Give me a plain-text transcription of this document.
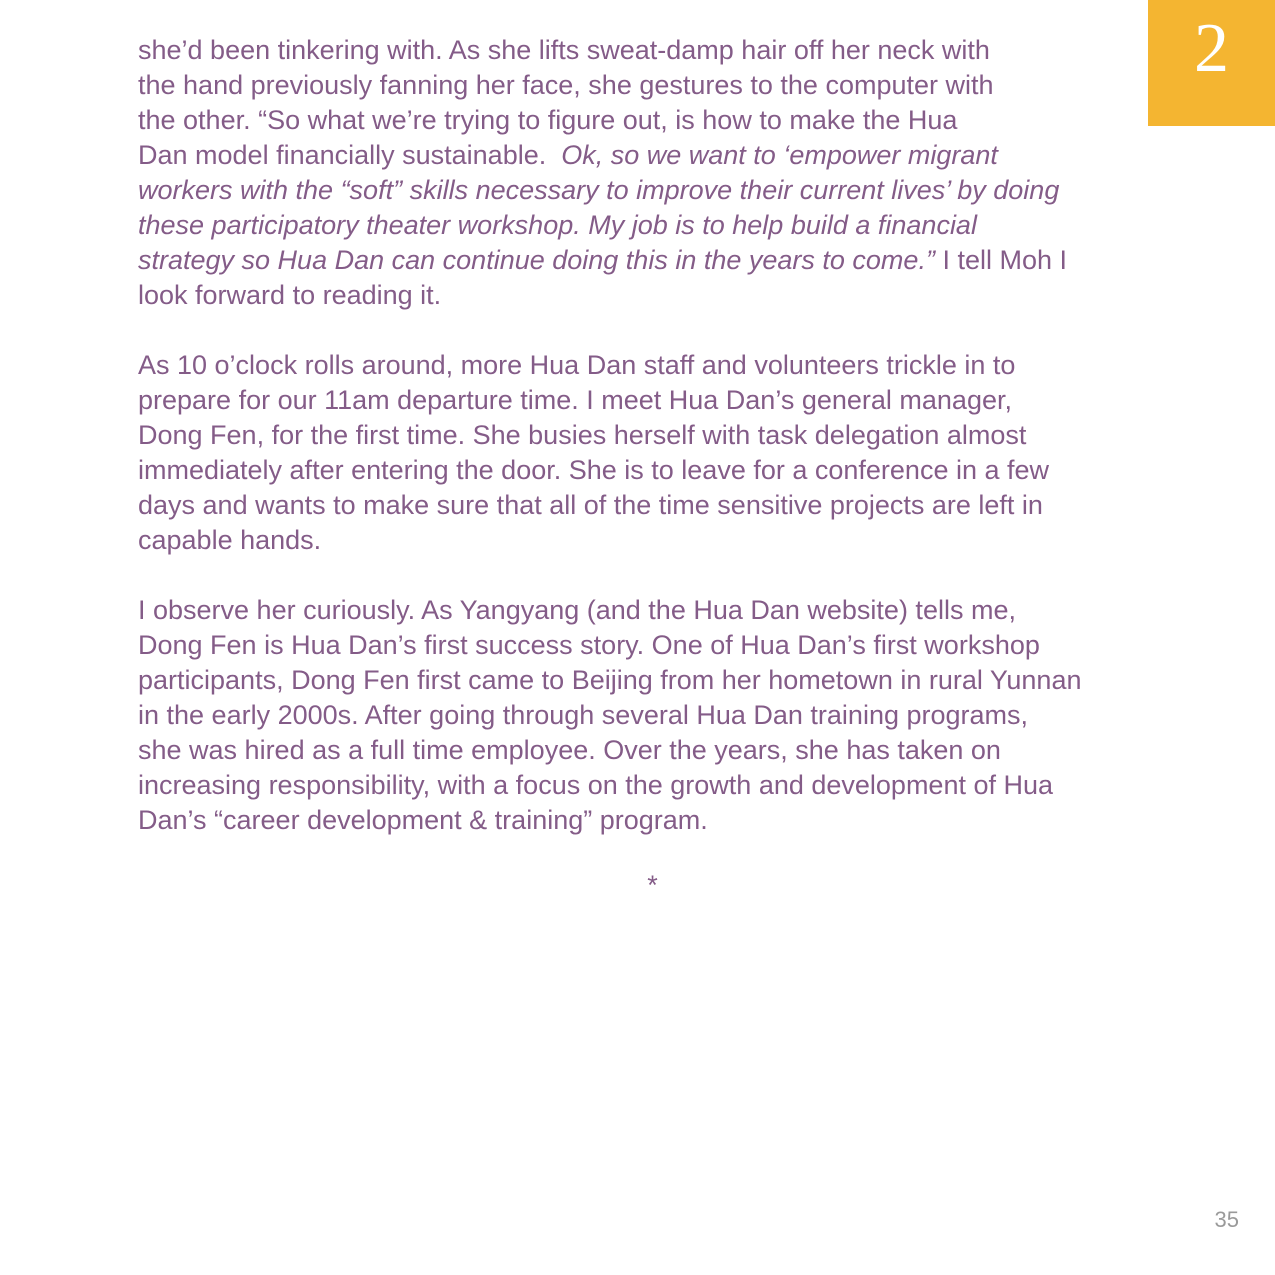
2

she’d been tinkering with. As she lifts sweat-damp hair off her neck with
the hand previously fanning her face, she gestures to the computer with
the other. “So what we’re trying to figure out, is how to make the Hua
Dan model financially sustainable.  Ok, so we want to ‘empower migrant
workers with the “soft” skills necessary to improve their current lives’ by doing
these participatory theater workshop. My job is to help build a financial
strategy so Hua Dan can continue doing this in the years to come.” I tell Moh I
look forward to reading it.

As 10 o’clock rolls around, more Hua Dan staff and volunteers trickle in to
prepare for our 11am departure time. I meet Hua Dan’s general manager,
Dong Fen, for the first time. She busies herself with task delegation almost
immediately after entering the door. She is to leave for a conference in a few
days and wants to make sure that all of the time sensitive projects are left in
capable hands.

I observe her curiously. As Yangyang (and the Hua Dan website) tells me,
Dong Fen is Hua Dan’s first success story. One of Hua Dan’s first workshop
participants, Dong Fen first came to Beijing from her hometown in rural Yunnan
in the early 2000s. After going through several Hua Dan training programs,
she was hired as a full time employee. Over the years, she has taken on
increasing responsibility, with a focus on the growth and development of Hua
Dan’s “career development & training” program.

*
35
